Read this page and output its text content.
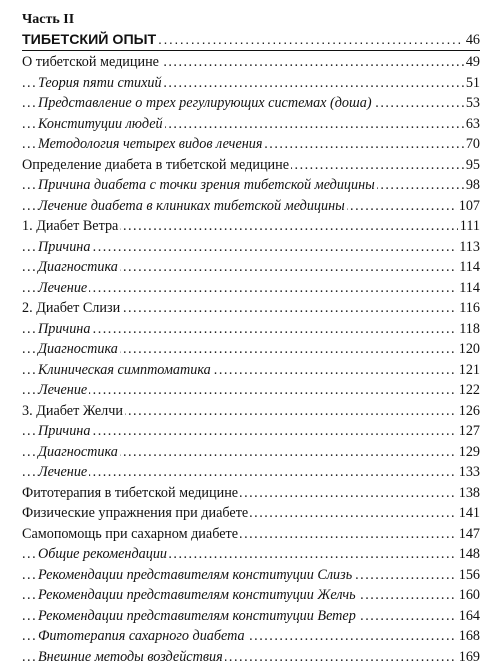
Часть II
.....
ТИБЕТСКИЙ ОПЫТ	46
.....
О тибетской медицине	49
.....
Теория пяти стихий	51
.....
Представление о трех регулирующих системах (доша)	53
.....
Конституции людей	63
.....
Методология четырех видов лечения	70
.....
Определение диабета в тибетской медицине	95
.....
Причина диабета с точки зрения тибетской медицины	98
.....
Лечение диабета в клиниках тибетской медицины	107
.....
1. Диабет Ветра	111
.....
Причина	113
.....
Диагностика	114
.....
Лечение	114
.....
2. Диабет Слизи	116
.....
Причина	118
.....
Диагностика	120
.....
Клиническая симптоматика	121
.....
Лечение	122
.....
3. Диабет Желчи	126
.....
Причина	127
.....
Диагностика	129
.....
Лечение	133
.....
Фитотерапия в тибетской медицине	138
.....
Физические упражнения при диабете	141
.....
Самопомощь при сахарном диабете	147
.....
Общие рекомендации	148
.....
Рекомендации представителям конституции Слизь	156
.....
Рекомендации представителям конституции Желчь	160
.....
Рекомендации представителям конституции Ветер	164
.....
Фитотерапия сахарного диабета	168
.....
Внешние методы воздействия	169
